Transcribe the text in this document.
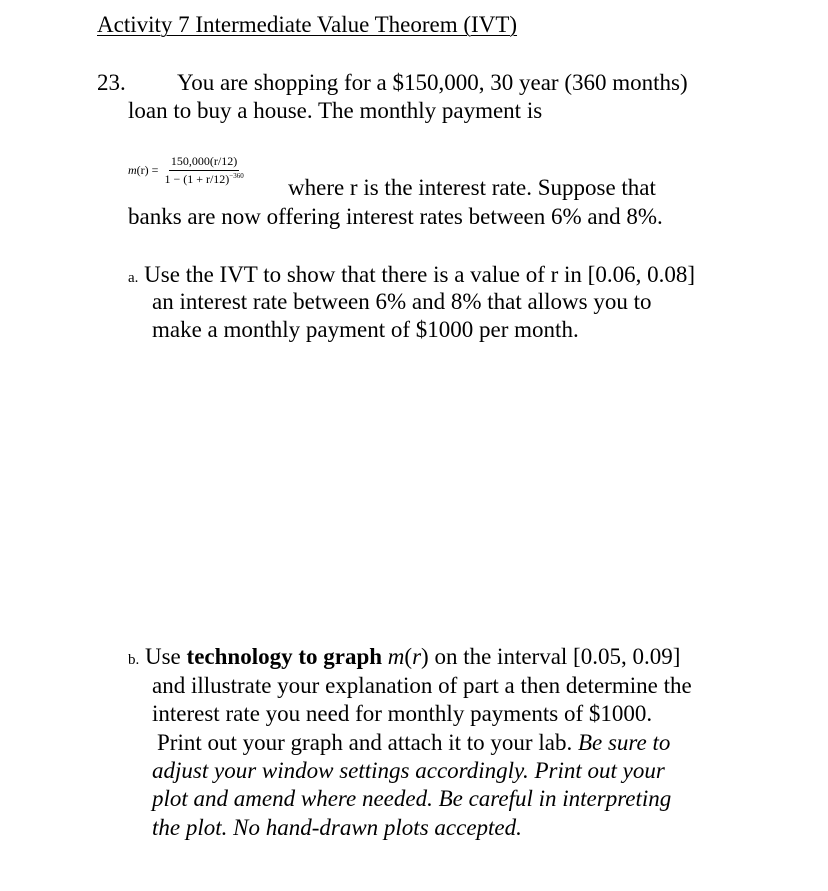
Activity 7 Intermediate Value Theorem (IVT)
23. You are shopping for a $150,000, 30 year (360 months)
loan to buy a house. The monthly payment is
$m(r) = \frac{150,000(r/12)}{1 - (1 + r/12)^{-360}}$
where r is the interest rate. Suppose that
banks are now offering interest rates between 6% and 8%.
a. Use the IVT to show that there is a value of r in [0.06, 0.08]
an interest rate between 6% and 8% that allows you to
make a monthly payment of $1000 per month.
b. Use technology to graph m(r) on the interval [0.05, 0.09]
and illustrate your explanation of part a then determine the
interest rate you need for monthly payments of $1000.
Print out your graph and attach it to your lab. Be sure to
adjust your window settings accordingly. Print out your
plot and amend where needed. Be careful in interpreting
the plot. No hand-drawn plots accepted.
